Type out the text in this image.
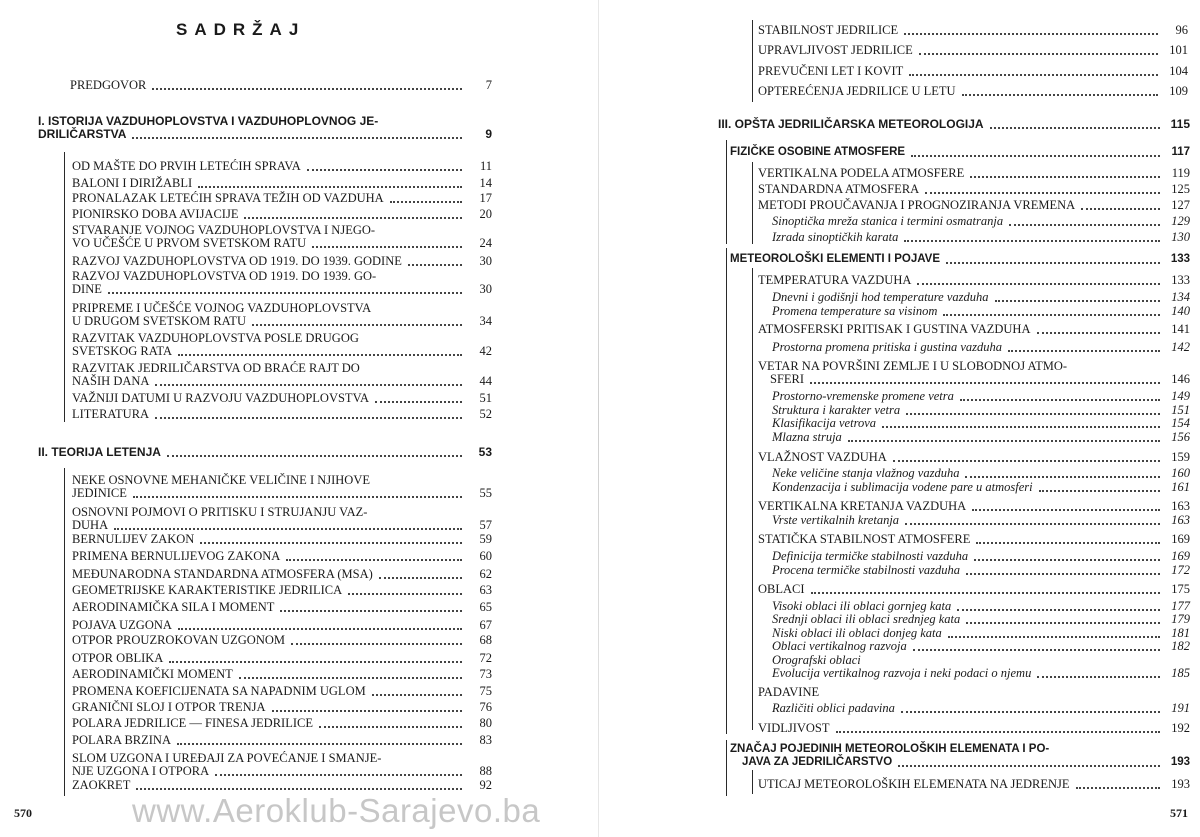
SADRŽAJ
PREDGOVOR	7
I. ISTORIJA VAZDUHOPLOVSTVA I VAZDUHOPLOVNOG JE-
DRILIČARSTVA	9
OD MAŠTE DO PRVIH LETEĆIH SPRAVA	11
BALONI I DIRIŽABLI	14
PRONALAZAK LETEĆIH SPRAVA TEŽIH OD VAZDUHA	17
PIONIRSKO DOBA AVIJACIJE	20
STVARANJE VOJNOG VAZDUHOPLOVSTVA I NJEGO-
VO UČEŠĆE U PRVOM SVETSKOM RATU	24
RAZVOJ VAZDUHOPLOVSTVA OD 1919. DO 1939. GODINE	30
RAZVOJ VAZDUHOPLOVSTVA OD 1919. DO 1939. GO-
DINE	30
PRIPREME I UČEŠĆE VOJNOG VAZDUHOPLOVSTVA
U DRUGOM SVETSKOM RATU	34
RAZVITAK VAZDUHOPLOVSTVA POSLE DRUGOG
SVETSKOG RATA	42
RAZVITAK JEDRILIČARSTVA OD BRAĆE RAJT DO
NAŠIH DANA	44
VAŽNIJI DATUMI U RAZVOJU VAZDUHOPLOVSTVA	51
LITERATURA	52
II. TEORIJA LETENJA	53
NEKE OSNOVNE MEHANIČKE VELIČINE I NJIHOVE
JEDINICE	55
OSNOVNI POJMOVI O PRITISKU I STRUJANJU VAZ-
DUHA	57
BERNULIJEV ZAKON	59
PRIMENA BERNULIJEVOG ZAKONA	60
MEĐUNARODNA STANDARDNA ATMOSFERA (MSA)	62
GEOMETRIJSKE KARAKTERISTIKE JEDRILICA	63
AERODINAMIČKA SILA I MOMENT	65
POJAVA UZGONA	67
OTPOR PROUZROKOVAN UZGONOM	68
OTPOR OBLIKA	72
AERODINAMIČKI MOMENT	73
PROMENA KOEFICIJENATA SA NAPADNIM UGLOM	75
GRANIČNI SLOJ I OTPOR TRENJA	76
POLARA JEDRILICE — FINESA JEDRILICE	80
POLARA BRZINA	83
SLOM UZGONA I UREĐAJI ZA POVEĆANJE I SMANJE-
NJE UZGONA I OTPORA	88
ZAOKRET	92
570
STABILNOST JEDRILICE	96
UPRAVLJIVOST JEDRILICE	101
PREVUČENI LET I KOVIT	104
OPTEREĆENJA JEDRILICE U LETU	109
III. OPŠTA JEDRILIČARSKA METEOROLOGIJA	115
FIZIČKE OSOBINE ATMOSFERE	117
VERTIKALNA PODELA ATMOSFERE	119
STANDARDNA ATMOSFERA	125
METODI PROUČAVANJA I PROGNOZIRANJA VREMENA	127
Sinoptička mreža stanica i termini osmatranja	129
Izrada sinoptičkih karata	130
METEOROLOŠKI ELEMENTI I POJAVE	133
TEMPERATURA VAZDUHA	133
Dnevni i godišnji hod temperature vazduha	134
Promena temperature sa visinom	140
ATMOSFERSKI PRITISAK I GUSTINA VAZDUHA	141
Prostorna promena pritiska i gustina vazduha	142
VETAR NA POVRŠINI ZEMLJE I U SLOBODNOJ ATMO-
SFERI	146
Prostorno-vremenske promene vetra	149
Struktura i karakter vetra	151
Klasifikacija vetrova	154
Mlazna struja	156
VLAŽNOST VAZDUHA	159
Neke veličine stanja vlažnog vazduha	160
Kondenzacija i sublimacija vodene pare u atmosferi	161
VERTIKALNA KRETANJA VAZDUHA	163
Vrste vertikalnih kretanja	163
STATIČKA STABILNOST ATMOSFERE	169
Definicija termičke stabilnosti vazduha	169
Procena termičke stabilnosti vazduha	172
OBLACI	175
Visoki oblaci ili oblaci gornjeg kata	177
Srednji oblaci ili oblaci srednjeg kata	179
Niski oblaci ili oblaci donjeg kata	181
Oblaci vertikalnog razvoja	182
Orografski oblaci
Evolucija vertikalnog razvoja i neki podaci o njemu	185
PADAVINE
Različiti oblici padavina	191
VIDLJIVOST	192
ZNAČAJ POJEDINIH METEOROLOŠKIH ELEMENATA I PO-
JAVA ZA JEDRILIČARSTVO	193
UTICAJ METEOROLOŠKIH ELEMENATA NA JEDRENJE	193
571
www.Aeroklub-Sarajevo.ba
